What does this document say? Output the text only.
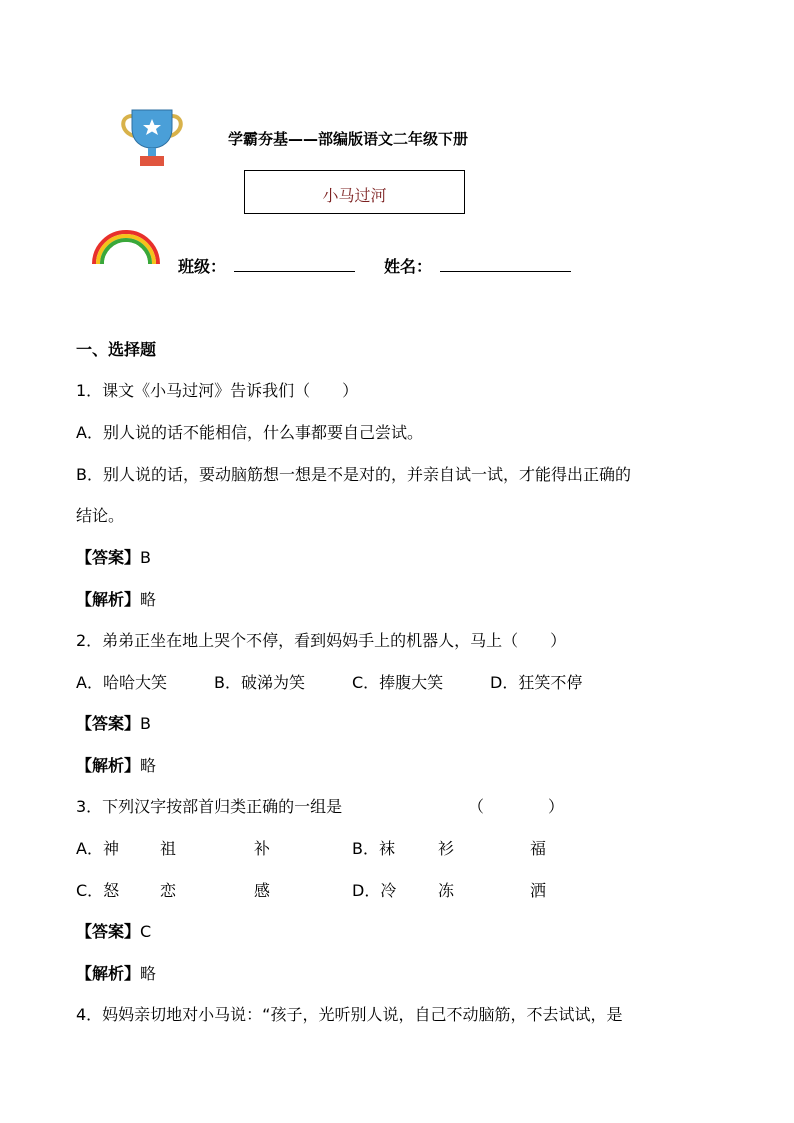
学霸夯基——部编版语文二年级下册
小马过河
班级：	姓名：
一、选择题
1．课文《小马过河》告诉我们（　　）
A．别人说的话不能相信，什么事都要自己尝试。
B．别人说的话，要动脑筋想一想是不是对的，并亲自试一试，才能得出正确的
结论。
【答案】B
【解析】略
2．弟弟正坐在地上哭个不停，看到妈妈手上的机器人，马上（　　）
A．哈哈大笑	B．破涕为笑	C．捧腹大笑	D．狂笑不停
【答案】B
【解析】略
3．下列汉字按部首归类正确的一组是	（　　　　）
A．神	祖	补	B．袜	衫	福
C．怒	恋	感	D．冷	冻	洒
【答案】C
【解析】略
4．妈妈亲切地对小马说：“孩子，光听别人说，自己不动脑筋，不去试试，是
